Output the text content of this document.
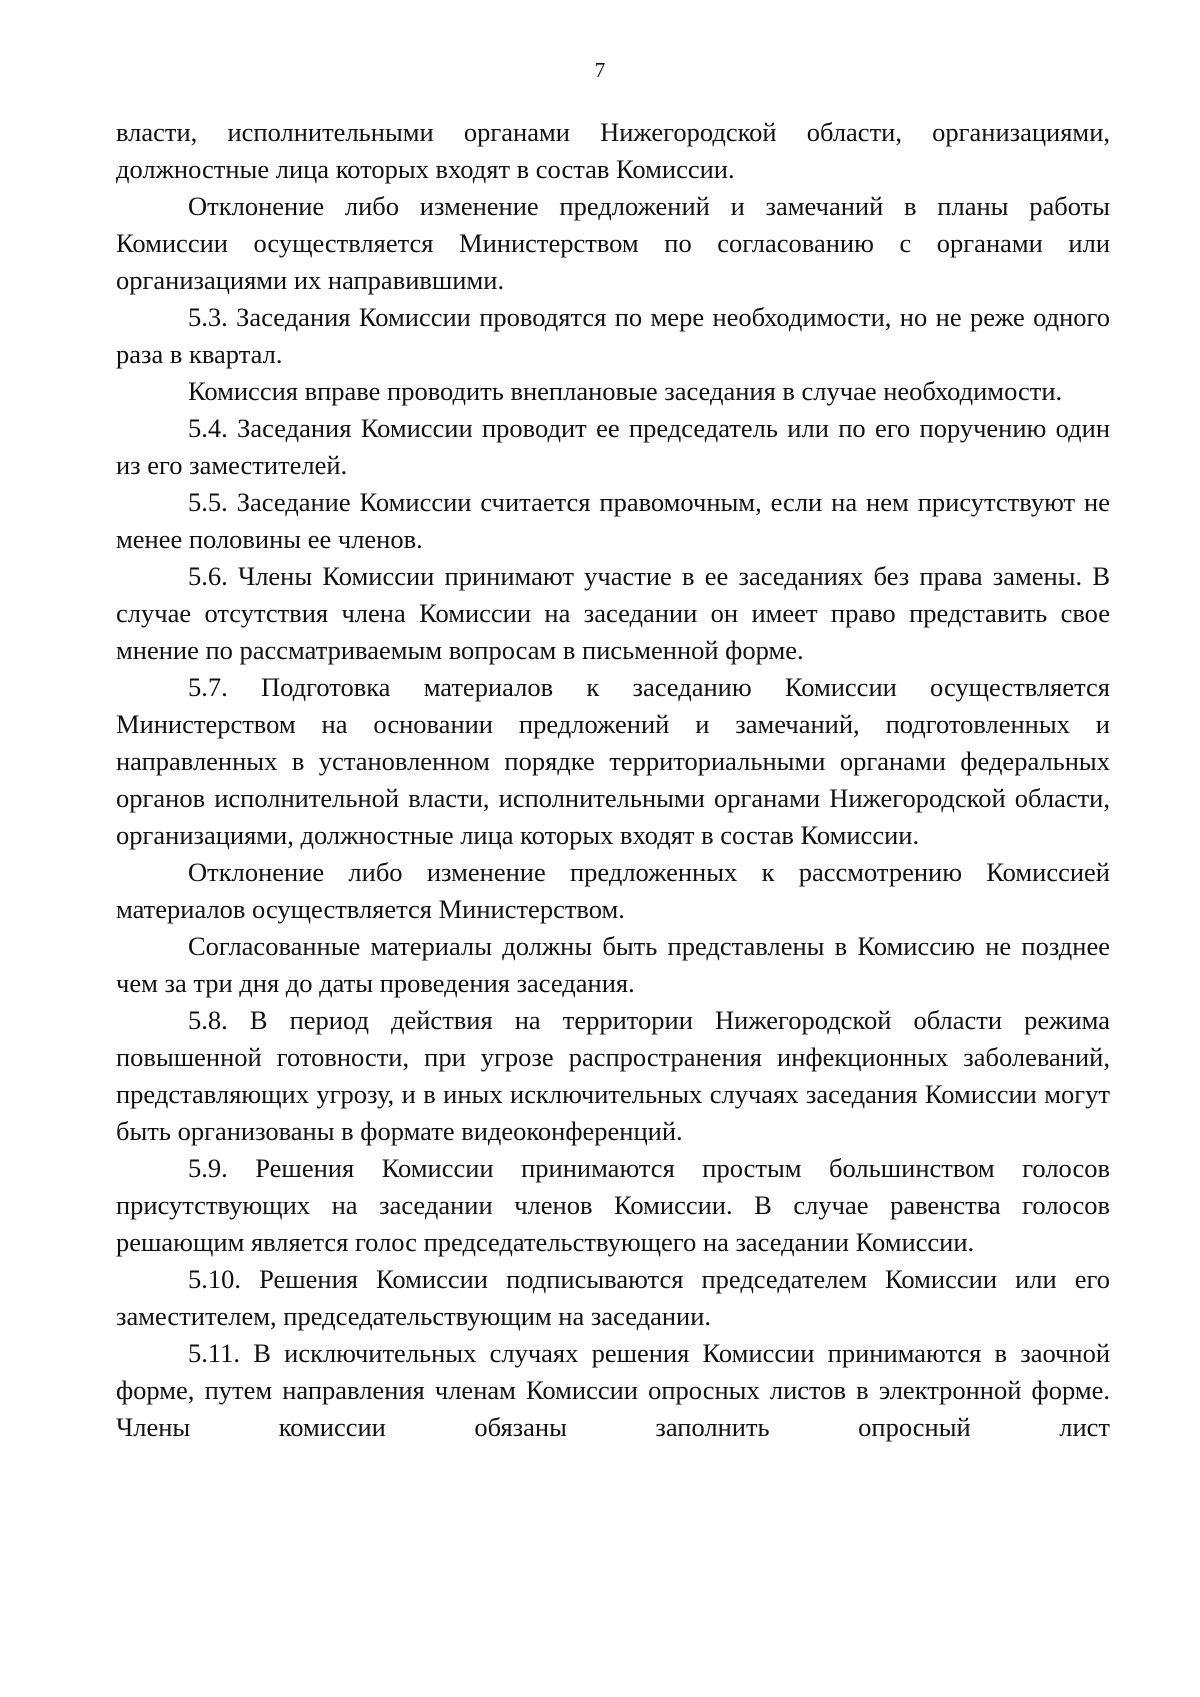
7

власти, исполнительными органами Нижегородской области, организациями, должностные лица которых входят в состав Комиссии.

Отклонение либо изменение предложений и замечаний в планы работы Комиссии осуществляется Министерством по согласованию с органами или организациями их направившими.

5.3. Заседания Комиссии проводятся по мере необходимости, но не реже одного раза в квартал.

Комиссия вправе проводить внеплановые заседания в случае необходимости.

5.4. Заседания Комиссии проводит ее председатель или по его поручению один из его заместителей.

5.5. Заседание Комиссии считается правомочным, если на нем присутствуют не менее половины ее членов.

5.6. Члены Комиссии принимают участие в ее заседаниях без права замены. В случае отсутствия члена Комиссии на заседании он имеет право представить свое мнение по рассматриваемым вопросам в письменной форме.

5.7. Подготовка материалов к заседанию Комиссии осуществляется Министерством на основании предложений и замечаний, подготовленных и направленных в установленном порядке территориальными органами федеральных органов исполнительной власти, исполнительными органами Нижегородской области, организациями, должностные лица которых входят в состав Комиссии.

Отклонение либо изменение предложенных к рассмотрению Комиссией материалов осуществляется Министерством.

Согласованные материалы должны быть представлены в Комиссию не позднее чем за три дня до даты проведения заседания.

5.8. В период действия на территории Нижегородской области режима повышенной готовности, при угрозе распространения инфекционных заболеваний, представляющих угрозу, и в иных исключительных случаях заседания Комиссии могут быть организованы в формате видеоконференций.

5.9. Решения Комиссии принимаются простым большинством голосов присутствующих на заседании членов Комиссии. В случае равенства голосов решающим является голос председательствующего на заседании Комиссии.

5.10. Решения Комиссии подписываются председателем Комиссии или его заместителем, председательствующим на заседании.

5.11. В исключительных случаях решения Комиссии принимаются в заочной форме, путем направления членам Комиссии опросных листов в электронной форме. Члены комиссии обязаны заполнить опросный лист
